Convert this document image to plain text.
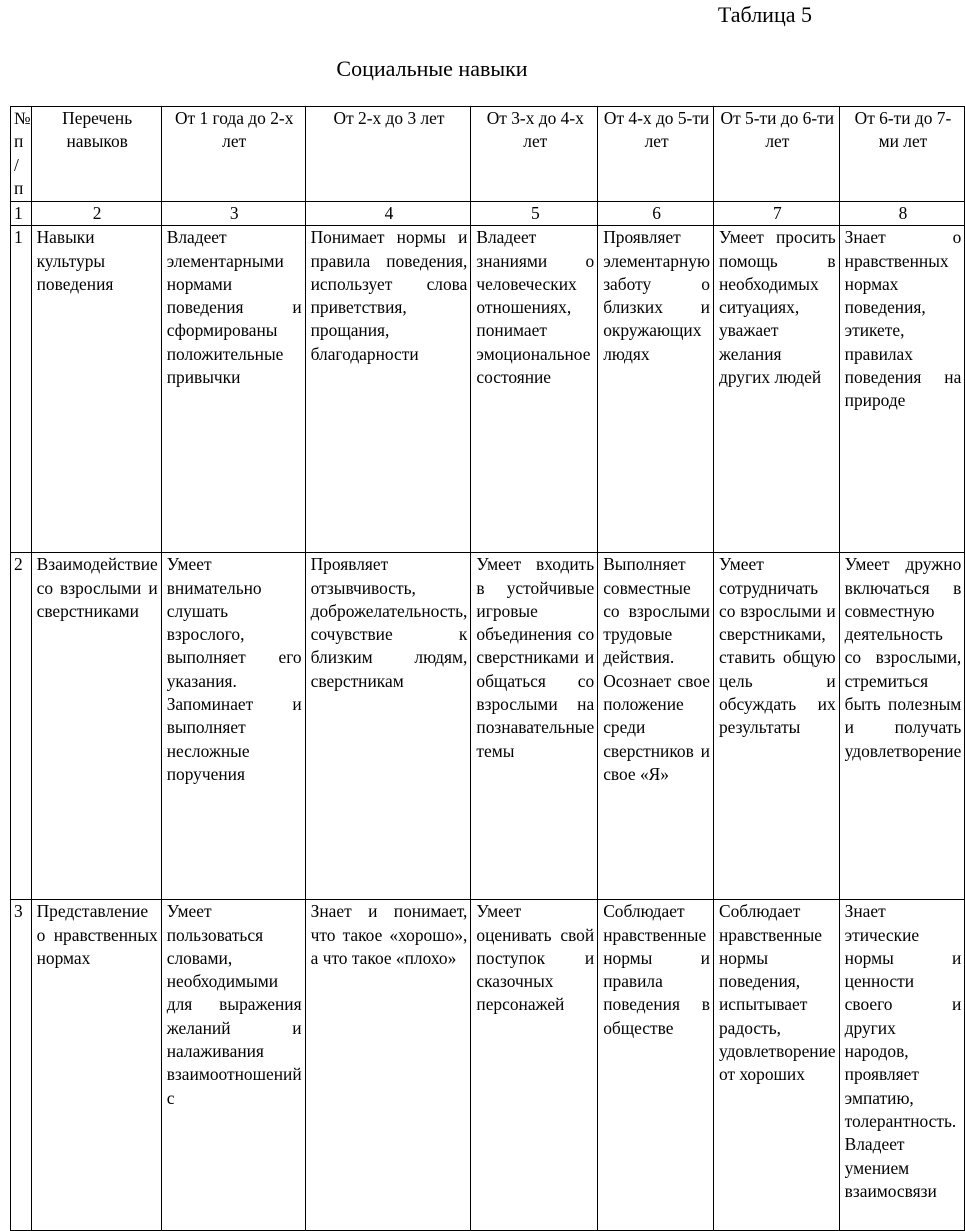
Таблица 5
Социальные навыки
№ п / п	Перечень навыков	От 1 года до 2-х лет	От 2-х до 3 лет	От 3-х до 4-х лет	От 4-х до 5-ти лет	От 5-ти до 6-ти лет	От 6-ти до 7-ми лет
1	2	3	4	5	6	7	8
1	Навыки культуры поведения	Владеет элементарными нормами поведения и сформированы положительные привычки	Понимает нормы и правила поведения, использует слова приветствия, прощания, благодарности	Владеет знаниями о человеческих отношениях, понимает эмоциональное состояние	Проявляет элементарную заботу о близких и окружающих людях	Умеет просить помощь в необходимых ситуациях, уважает желания других людей	Знает о нравственных нормах поведения, этикете, правилах поведения на природе
2	Взаимодействие со взрослыми и сверстниками	Умеет внимательно слушать взрослого, выполняет его указания. Запоминает и выполняет несложные поручения	Проявляет отзывчивость, доброжелательность, сочувствие к близким людям, сверстникам	Умеет входить в устойчивые игровые объединения со сверстниками и общаться со взрослыми на познавательные темы	Выполняет совместные со взрослыми трудовые действия. Осознает свое положение среди сверстников и свое «Я»	Умеет сотрудничать со взрослыми и сверстниками, ставить общую цель и обсуждать их результаты	Умеет дружно включаться в совместную деятельность со взрослыми, стремиться быть полезным и получать удовлетворение
3	Представление о нравственных нормах	Умеет пользоваться словами, необходимыми для выражения желаний и налаживания взаимоотношений с	Знает и понимает, что такое «хорошо», а что такое «плохо»	Умеет оценивать свой поступок и сказочных персонажей	Соблюдает нравственные нормы и правила поведения в обществе	Соблюдает нравственные нормы поведения, испытывает радость, удовлетворение от хороших	Знает этические нормы и ценности своего и других народов, проявляет эмпатию, толерантность. Владеет умением взаимосвязи
